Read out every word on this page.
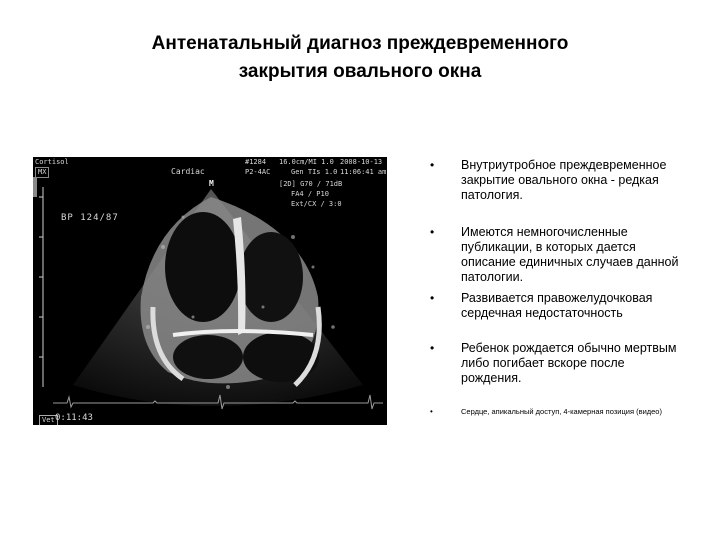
Антенатальный диагноз преждевременного
закрытия овального окна
Cortisol
MX	Cardiac
#1284 16.0cm/MI 1.0 2008-10-13
P2-4AC	Gen TIs 1.0 11:06:41 am
[2D] G70 / 71dB
FA4 / P10
Ext/CX / 3:0
M
BP 124/87
Vet 0:11:43
• Внутриутробное преждевременное закрытие овального окна - редкая патология.
• Имеются немногочисленные публикации, в которых дается описание единичных случаев данной патологии.
• Развивается правожелудочковая сердечная недостаточность
• Ребенок рождается обычно мертвым либо погибает вскоре после рождения.
•	Сердце, апикальный доступ, 4-камерная позиция (видео)
